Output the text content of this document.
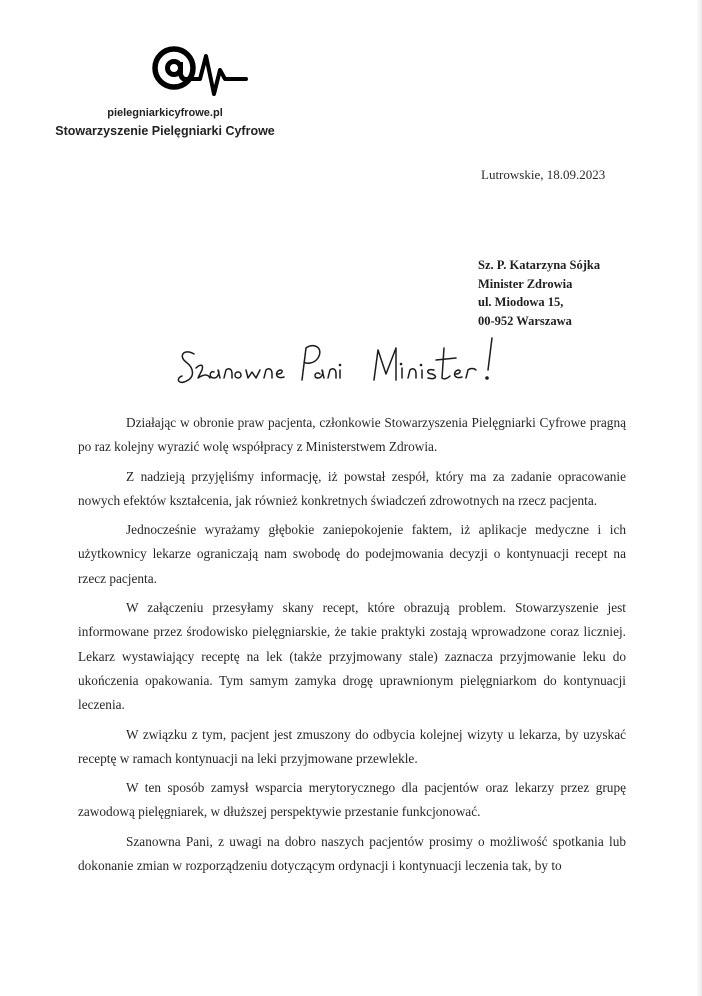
pielegniarkicyfrowe.pl
Stowarzyszenie Pielęgniarki Cyfrowe
Lutrowskie, 18.09.2023
Sz. P. Katarzyna Sójka
Minister Zdrowia
ul. Miodowa 15,
00-952 Warszawa

Działając w obronie praw pacjenta, członkowie Stowarzyszenia Pielęgniarki Cyfrowe pragną po raz kolejny wyrazić wolę współpracy z Ministerstwem Zdrowia.

Z nadzieją przyjęliśmy informację, iż powstał zespół, który ma za zadanie opracowanie nowych efektów kształcenia, jak również konkretnych świadczeń zdrowotnych na rzecz pacjenta.

Jednocześnie wyrażamy głębokie zaniepokojenie faktem, iż aplikacje medyczne i ich użytkownicy lekarze ograniczają nam swobodę do podejmowania decyzji o kontynuacji recept na rzecz pacjenta.

W załączeniu przesyłamy skany recept, które obrazują problem. Stowarzyszenie jest informowane przez środowisko pielęgniarskie, że takie praktyki zostają wprowadzone coraz liczniej. Lekarz wystawiający receptę na lek (także przyjmowany stale) zaznacza przyjmowanie leku do ukończenia opakowania. Tym samym zamyka drogę uprawnionym pielęgniarkom do kontynuacji leczenia.

W związku z tym, pacjent jest zmuszony do odbycia kolejnej wizyty u lekarza, by uzyskać receptę w ramach kontynuacji na leki przyjmowane przewlekle.

W ten sposób zamysł wsparcia merytorycznego dla pacjentów oraz lekarzy przez grupę zawodową pielęgniarek, w dłuższej perspektywie przestanie funkcjonować.

Szanowna Pani, z uwagi na dobro naszych pacjentów prosimy o możliwość spotkania lub dokonanie zmian w rozporządzeniu dotyczącym ordynacji i kontynuacji leczenia tak, by to
